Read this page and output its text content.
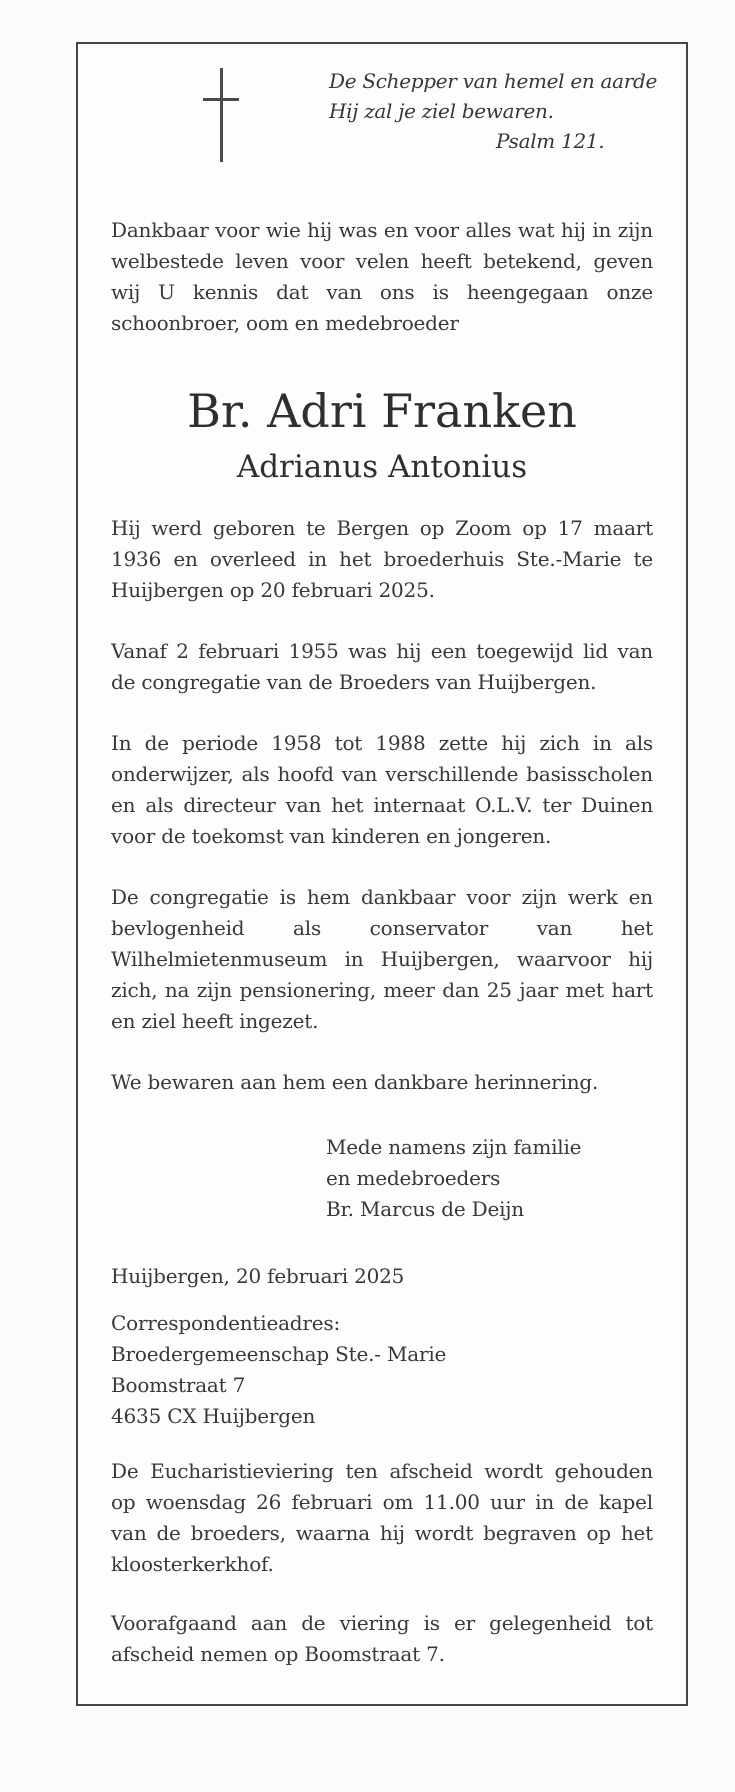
De Schepper van hemel en aarde
Hij zal je ziel bewaren.
Psalm 121.

Dankbaar voor wie hij was en voor alles wat hij in zijn welbestede leven voor velen heeft betekend, geven wij U kennis dat van ons is heengegaan onze schoonbroer, oom en medebroeder

Br. Adri Franken
Adrianus Antonius

Hij werd geboren te Bergen op Zoom op 17 maart 1936 en overleed in het broederhuis Ste.-Marie te Huijbergen op 20 februari 2025.

Vanaf 2 februari 1955 was hij een toegewijd lid van de congregatie van de Broeders van Huijbergen.

In de periode 1958 tot 1988 zette hij zich in als onderwijzer, als hoofd van verschillende basisscholen en als directeur van het internaat O.L.V. ter Duinen voor de toekomst van kinderen en jongeren.

De congregatie is hem dankbaar voor zijn werk en bevlogenheid als conservator van het Wilhelmietenmuseum in Huijbergen, waarvoor hij zich, na zijn pensionering, meer dan 25 jaar met hart en ziel heeft ingezet.

We bewaren aan hem een dankbare herinnering.

Mede namens zijn familie
en medebroeders
Br. Marcus de Deijn

Huijbergen, 20 februari 2025

Correspondentieadres:
Broedergemeenschap Ste.- Marie
Boomstraat 7
4635 CX Huijbergen

De Eucharistieviering ten afscheid wordt gehouden op woensdag 26 februari om 11.00 uur in de kapel van de broeders, waarna hij wordt begraven op het kloosterkerkhof.

Voorafgaand aan de viering is er gelegenheid tot afscheid nemen op Boomstraat 7.
